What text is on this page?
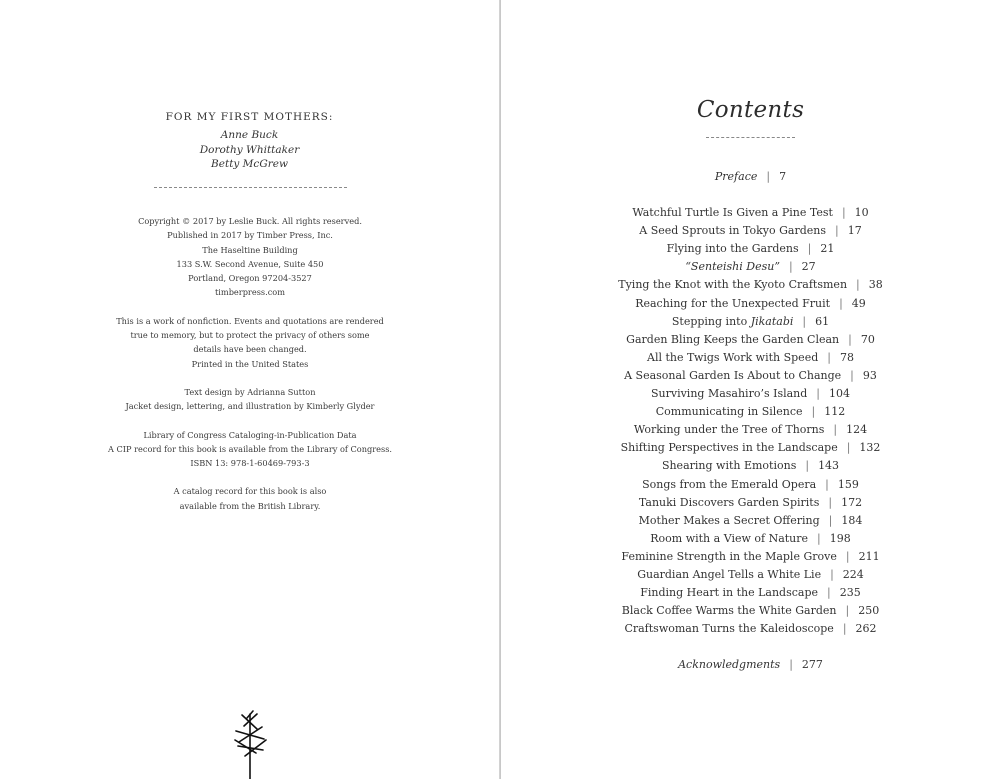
FOR MY FIRST MOTHERS:
Anne Buck
Dorothy Whittaker
Betty McGrew
Copyright © 2017 by Leslie Buck. All rights reserved.
Published in 2017 by Timber Press, Inc.
The Haseltine Building
133 S.W. Second Avenue, Suite 450
Portland, Oregon 97204-3527
timberpress.com
This is a work of nonfiction. Events and quotations are rendered
true to memory, but to protect the privacy of others some
details have been changed.
Printed in the United States
Text design by Adrianna Sutton
Jacket design, lettering, and illustration by Kimberly Glyder
Library of Congress Cataloging-in-Publication Data
A CIP record for this book is available from the Library of Congress.
ISBN 13: 978-1-60469-793-3
A catalog record for this book is also
available from the British Library.
Contents
Preface | 7
Watchful Turtle Is Given a Pine Test | 10
A Seed Sprouts in Tokyo Gardens | 17
Flying into the Gardens | 21
“Senteishi Desu” | 27
Tying the Knot with the Kyoto Craftsmen | 38
Reaching for the Unexpected Fruit | 49
Stepping into Jikatabi | 61
Garden Bling Keeps the Garden Clean | 70
All the Twigs Work with Speed | 78
A Seasonal Garden Is About to Change | 93
Surviving Masahiro’s Island | 104
Communicating in Silence | 112
Working under the Tree of Thorns | 124
Shifting Perspectives in the Landscape | 132
Shearing with Emotions | 143
Songs from the Emerald Opera | 159
Tanuki Discovers Garden Spirits | 172
Mother Makes a Secret Offering | 184
Room with a View of Nature | 198
Feminine Strength in the Maple Grove | 211
Guardian Angel Tells a White Lie | 224
Finding Heart in the Landscape | 235
Black Coffee Warms the White Garden | 250
Craftswoman Turns the Kaleidoscope | 262
Acknowledgments | 277
